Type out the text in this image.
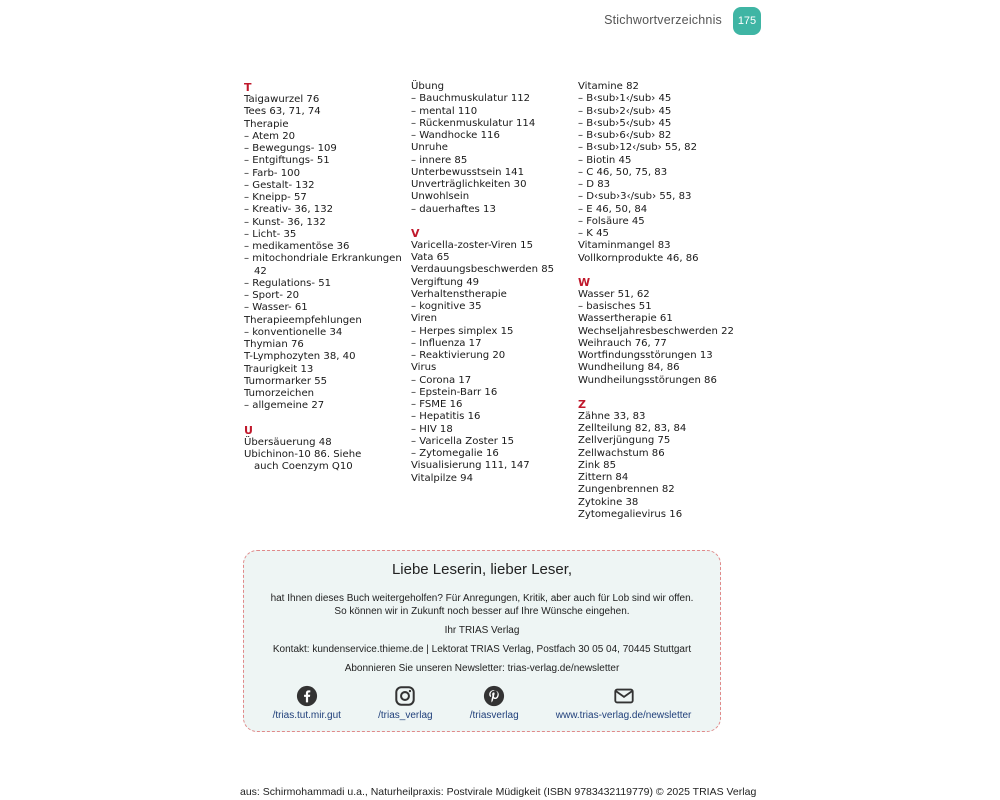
Stichwortverzeichnis	175
T
Taigawurzel 76
Tees 63, 71, 74
Therapie
– Atem 20
– Bewegungs- 109
– Entgiftungs- 51
– Farb- 100
– Gestalt- 132
– Kneipp- 57
– Kreativ- 36, 132
– Kunst- 36, 132
– Licht- 35
– medikamentöse 36
– mitochondriale Erkrankungen
42
– Regulations- 51
– Sport- 20
– Wasser- 61
Therapieempfehlungen
– konventionelle 34
Thymian 76
T-Lymphozyten 38, 40
Traurigkeit 13
Tumormarker 55
Tumorzeichen
– allgemeine 27
U
Übersäuerung 48
Ubichinon-10 86. Siehe
auch Coenzym Q10
Übung
– Bauchmuskulatur 112
– mental 110
– Rückenmuskulatur 114
– Wandhocke 116
Unruhe
– innere 85
Unterbewusstsein 141
Unverträglichkeiten 30
Unwohlsein
– dauerhaftes 13
V
Varicella-zoster-Viren 15
Vata 65
Verdauungsbeschwerden 85
Vergiftung 49
Verhaltenstherapie
– kognitive 35
Viren
– Herpes simplex 15
– Influenza 17
– Reaktivierung 20
Virus
– Corona 17
– Epstein-Barr 16
– FSME 16
– Hepatitis 16
– HIV 18
– Varicella Zoster 15
– Zytomegalie 16
Visualisierung 111, 147
Vitalpilze 94
Vitamine 82
– B‹sub›1‹/sub› 45
– B‹sub›2‹/sub› 45
– B‹sub›5‹/sub› 45
– B‹sub›6‹/sub› 82
– B‹sub›12‹/sub› 55, 82
– Biotin 45
– C 46, 50, 75, 83
– D 83
– D‹sub›3‹/sub› 55, 83
– E 46, 50, 84
– Folsäure 45
– K 45
Vitaminmangel 83
Vollkornprodukte 46, 86
W
Wasser 51, 62
– basisches 51
Wassertherapie 61
Wechseljahresbeschwerden 22
Weihrauch 76, 77
Wortfindungsstörungen 13
Wundheilung 84, 86
Wundheilungsstörungen 86
Z
Zähne 33, 83
Zellteilung 82, 83, 84
Zellverjüngung 75
Zellwachstum 86
Zink 85
Zittern 84
Zungenbrennen 82
Zytokine 38
Zytomegalievirus 16
Liebe Leserin, lieber Leser,
hat Ihnen dieses Buch weitergeholfen? Für Anregungen, Kritik, aber auch für Lob sind wir offen.
So können wir in Zukunft noch besser auf Ihre Wünsche eingehen.
Ihr TRIAS Verlag
Kontakt: kundenservice.thieme.de | Lektorat TRIAS Verlag, Postfach 30 05 04, 70445 Stuttgart
Abonnieren Sie unseren Newsletter: trias-verlag.de/newsletter
/trias.tut.mir.gut	/trias_verlag	/triasverlag	www.trias-verlag.de/newsletter
aus: Schirmohammadi u.a., Naturheilpraxis: Postvirale Müdigkeit (ISBN 9783432119779) © 2025 TRIAS Verlag
